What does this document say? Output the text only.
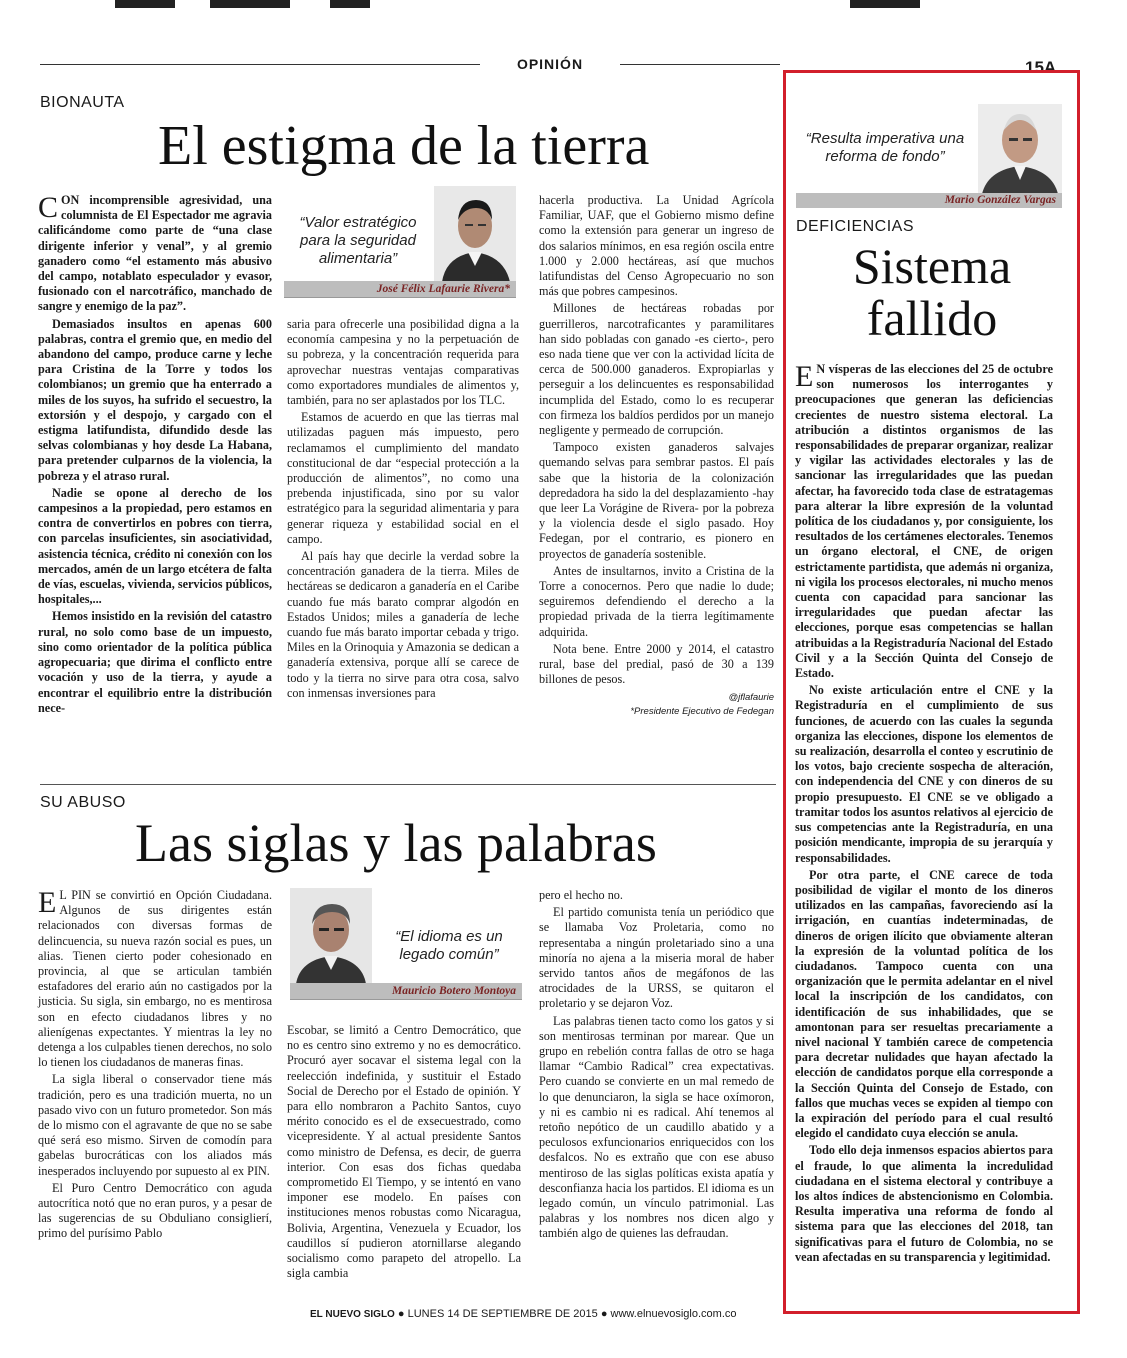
OPINIÓN	15A
BIONAUTA
El estigma de la tierra
“Valor estratégico para la seguridad alimentaria”
José Félix Lafaurie Rivera*

CON incomprensible agresividad, una columnista de El Espectador me agravia calificándome como parte de “una clase dirigente inferior y venal”, y al gremio ganadero como “el estamento más abusivo del campo, notablato especulador y evasor, fusionado con el narcotráfico, manchado de sangre y enemigo de la paz”.

Demasiados insultos en apenas 600 palabras, contra el gremio que, en medio del abandono del campo, produce carne y leche para Cristina de la Torre y todos los colombianos; un gremio que ha enterrado a miles de los suyos, ha sufrido el secuestro, la extorsión y el despojo, y cargado con el estigma latifundista, difundido desde las selvas colombianas y hoy desde La Habana, para pretender culparnos de la violencia, la pobreza y el atraso rural.

Nadie se opone al derecho de los campesinos a la propiedad, pero estamos en contra de convertirlos en pobres con tierra, con parcelas insuficientes, sin asociatividad, asistencia técnica, crédito ni conexión con los mercados, amén de un largo etcétera de falta de vías, escuelas, vivienda, servicios públicos, hospitales,...

Hemos insistido en la revisión del catastro rural, no solo como base de un impuesto, sino como orientador de la política pública agropecuaria; que dirima el conflicto entre vocación y uso de la tierra, y ayude a encontrar el equilibrio entre la distribución nece-

saria para ofrecerle una posibilidad digna a la economía campesina y no la perpetuación de su pobreza, y la concentración requerida para aprovechar nuestras ventajas comparativas como exportadores mundiales de alimentos y, también, para no ser aplastados por los TLC.

Estamos de acuerdo en que las tierras mal utilizadas paguen más impuesto, pero reclamamos el cumplimiento del mandato constitucional de dar “especial protección a la producción de alimentos”, no como una prebenda injustificada, sino por su valor estratégico para la seguridad alimentaria y para generar riqueza y estabilidad social en el campo.

Al país hay que decirle la verdad sobre la concentración ganadera de la tierra. Miles de hectáreas se dedicaron a ganadería en el Caribe cuando fue más barato comprar algodón en Estados Unidos; miles a ganadería de leche cuando fue más barato importar cebada y trigo. Miles en la Orinoquia y Amazonia se dedican a ganadería extensiva, porque allí se carece de todo y la tierra no sirve para otra cosa, salvo con inmensas inversiones para

hacerla productiva. La Unidad Agrícola Familiar, UAF, que el Gobierno mismo define como la extensión para generar un ingreso de dos salarios mínimos, en esa región oscila entre 1.000 y 2.000 hectáreas, así que muchos latifundistas del Censo Agropecuario no son más que pobres campesinos.

Millones de hectáreas robadas por guerrilleros, narcotraficantes y paramilitares han sido pobladas con ganado -es cierto-, pero eso nada tiene que ver con la actividad lícita de cerca de 500.000 ganaderos. Expropiarlas y perseguir a los delincuentes es responsabilidad incumplida del Estado, como lo es recuperar con firmeza los baldíos perdidos por un manejo negligente y permeado de corrupción.

Tampoco existen ganaderos salvajes quemando selvas para sembrar pastos. El país sabe que la historia de la colonización depredadora ha sido la del desplazamiento -hay que leer La Vorágine de Rivera- por la pobreza y la violencia desde el siglo pasado. Hoy Fedegan, por el contrario, es pionero en proyectos de ganadería sostenible.

Antes de insultarnos, invito a Cristina de la Torre a conocernos. Pero que nadie lo dude; seguiremos defendiendo el derecho a la propiedad privada de la tierra legítimamente adquirida.

Nota bene. Entre 2000 y 2014, el catastro rural, base del predial, pasó de 30 a 139 billones de pesos.

@jflafaurie
*Presidente Ejecutivo de Fedegan
SU ABUSO
Las siglas y las palabras
“El idioma es un legado común”
Mauricio Botero Montoya

E L PIN se convirtió en Opción Ciudadana. Algunos de sus dirigentes están relacionados con diversas formas de delincuencia, su nueva razón social es pues, un alias. Tienen cierto poder cohesionado en provincia, al que se articulan también estafadores del erario aún no castigados por la justicia. Su sigla, sin embargo, no es mentirosa son en efecto ciudadanos libres y no alienígenas expectantes. Y mientras la ley no detenga a los culpables tienen derechos, no solo lo tienen los ciudadanos de maneras finas.

La sigla liberal o conservador tiene más tradición, pero es una tradición muerta, no un pasado vivo con un futuro prometedor. Son más de lo mismo con el agravante de que no se sabe qué será eso mismo. Sirven de comodín para gabelas burocráticas con los aliados más inesperados incluyendo por supuesto al ex PIN.

El Puro Centro Democrático con aguda autocrítica notó que no eran puros, y a pesar de las sugerencias de su Obduliano consiglierí, primo del purísimo Pablo

Escobar, se limitó a Centro Democrático, que no es centro sino extremo y no es democrático. Procuró ayer socavar el sistema legal con la reelección indefinida, y sustituir el Estado Social de Derecho por el Estado de opinión. Y para ello nombraron a Pachito Santos, cuyo mérito conocido es el de exsecuestrado, como vicepresidente. Y al actual presidente Santos como ministro de Defensa, es decir, de guerra interior. Con esas dos fichas quedaba comprometido El Tiempo, y se intentó en vano imponer ese modelo. En países con instituciones menos robustas como Nicaragua, Bolivia, Argentina, Venezuela y Ecuador, los caudillos sí pudieron atornillarse alegando socialismo como parapeto del atropello. La sigla cambia

pero el hecho no.

El partido comunista tenía un periódico que se llamaba Voz Proletaria, como no representaba a ningún proletariado sino a una minoría no ajena a la miseria moral de haber servido tantos años de megáfonos de las atrocidades de la URSS, se quitaron el proletario y se dejaron Voz.

Las palabras tienen tacto como los gatos y si son mentirosas terminan por marear. Que un grupo en rebelión contra fallas de otro se haga llamar “Cambio Radical” crea expectativas. Pero cuando se convierte en un mal remedo de lo que denunciaron, la sigla se hace oxímoron, y ni es cambio ni es radical. Ahí tenemos al retoño nepótico de un caudillo abatido y a peculosos exfuncionarios enriquecidos con los desfalcos. No es extraño que con ese abuso mentiroso de las siglas políticas exista apatía y desconfianza hacia los partidos. El idioma es un legado común, un vínculo patrimonial. Las palabras y los nombres nos dicen algo y también algo de quienes las defraudan.

“Resulta imperativa una reforma de fondo”
Mario González Vargas
DEFICIENCIAS
Sistema
fallido

E N vísperas de las elecciones del 25 de octubre son numerosos los interrogantes y preocupaciones que generan las deficiencias crecientes de nuestro sistema electoral. La atribución a distintos organismos de las responsabilidades de preparar organizar, realizar y vigilar las actividades electorales y las de sancionar las irregularidades que las puedan afectar, ha favorecido toda clase de estratagemas para alterar la libre expresión de la voluntad política de los ciudadanos y, por consiguiente, los resultados de los certámenes electorales. Tenemos un órgano electoral, el CNE, de origen estrictamente partidista, que además ni organiza, ni vigila los procesos electorales, ni mucho menos cuenta con capacidad para sancionar las irregularidades que puedan afectar las elecciones, porque esas competencias se hallan atribuidas a la Registraduría Nacional del Estado Civil y a la Sección Quinta del Consejo de Estado.

No existe articulación entre el CNE y la Registraduría en el cumplimiento de sus funciones, de acuerdo con las cuales la segunda organiza las elecciones, dispone los elementos de su realización, desarrolla el conteo y escrutinio de los votos, bajo creciente sospecha de alteración, con independencia del CNE y con dineros de su propio presupuesto. El CNE se ve obligado a tramitar todos los asuntos relativos al ejercicio de sus competencias ante la Registraduría, en una posición mendicante, impropia de su jerarquía y responsabilidades.

Por otra parte, el CNE carece de toda posibilidad de vigilar el monto de los dineros utilizados en las campañas, favoreciendo así la irrigación, en cuantías indeterminadas, de dineros de origen ilícito que obviamente alteran la expresión de la voluntad política de los ciudadanos. Tampoco cuenta con una organización que le permita adelantar en el nivel local la inscripción de los candidatos, con identificación de sus inhabilidades, que se amontonan para ser resueltas precariamente a nivel nacional Y también carece de competencia para decretar nulidades que hayan afectado la elección de candidatos porque ella corresponde a la Sección Quinta del Consejo de Estado, con fallos que muchas veces se expiden al tiempo con la expiración del período para el cual resultó elegido el candidato cuya elección se anula.

Todo ello deja inmensos espacios abiertos para el fraude, lo que alimenta la incredulidad ciudadana en el sistema electoral y contribuye a los altos índices de abstencionismo en Colombia. Resulta imperativa una reforma de fondo al sistema para que las elecciones del 2018, tan significativas para el futuro de Colombia, no se vean afectadas en su transparencia y legitimidad.

EL NUEVO SIGLO ● LUNES 14 DE SEPTIEMBRE DE 2015 ● www.elnuevosiglo.com.co
